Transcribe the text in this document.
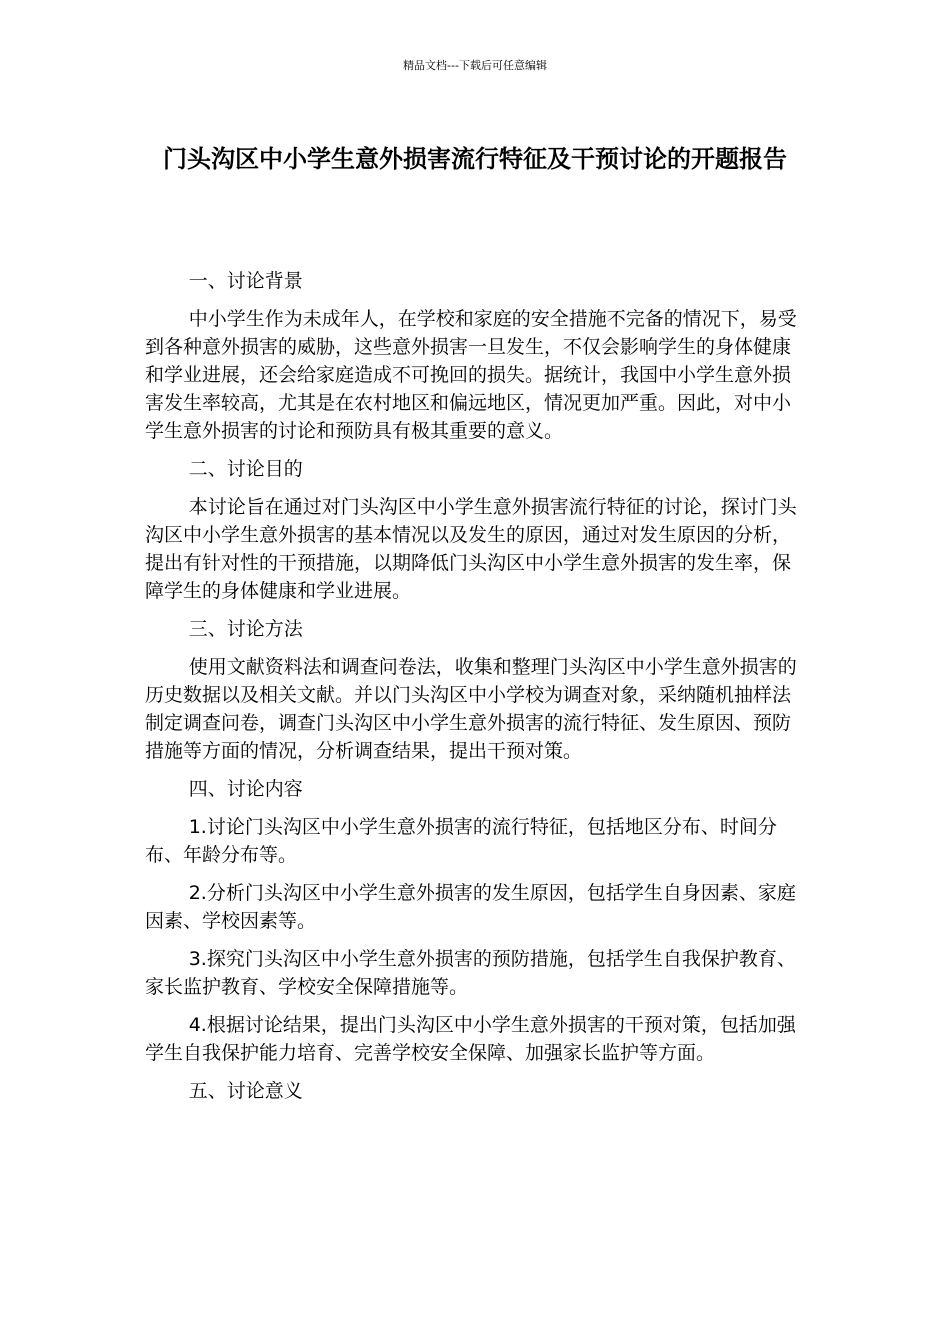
精品文档---下载后可任意编辑
门头沟区中小学生意外损害流行特征及干预讨论的开题报告

一、讨论背景

中小学生作为未成年人，在学校和家庭的安全措施不完备的情况下，易受到各种意外损害的威胁，这些意外损害一旦发生，不仅会影响学生的身体健康和学业进展，还会给家庭造成不可挽回的损失。据统计，我国中小学生意外损害发生率较高，尤其是在农村地区和偏远地区，情况更加严重。因此，对中小学生意外损害的讨论和预防具有极其重要的意义。

二、讨论目的

本讨论旨在通过对门头沟区中小学生意外损害流行特征的讨论，探讨门头沟区中小学生意外损害的基本情况以及发生的原因，通过对发生原因的分析，提出有针对性的干预措施，以期降低门头沟区中小学生意外损害的发生率，保障学生的身体健康和学业进展。

三、讨论方法

使用文献资料法和调查问卷法，收集和整理门头沟区中小学生意外损害的历史数据以及相关文献。并以门头沟区中小学校为调查对象，采纳随机抽样法制定调查问卷，调查门头沟区中小学生意外损害的流行特征、发生原因、预防措施等方面的情况，分析调查结果，提出干预对策。

四、讨论内容

1.讨论门头沟区中小学生意外损害的流行特征，包括地区分布、时间分布、年龄分布等。

2.分析门头沟区中小学生意外损害的发生原因，包括学生自身因素、家庭因素、学校因素等。

3.探究门头沟区中小学生意外损害的预防措施，包括学生自我保护教育、家长监护教育、学校安全保障措施等。

4.根据讨论结果，提出门头沟区中小学生意外损害的干预对策，包括加强学生自我保护能力培育、完善学校安全保障、加强家长监护等方面。

五、讨论意义
